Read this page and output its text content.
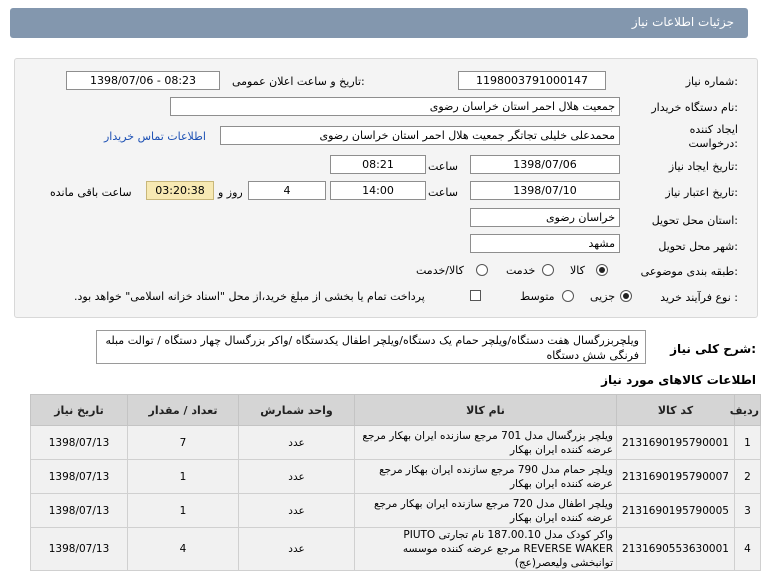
جزئیات اطلاعات نیاز
شماره نیاز:
1198003791000147
تاریخ و ساعت اعلان عمومی:
1398/07/06 - 08:23
نام دستگاه خریدار:
جمعیت هلال احمر استان خراسان رضوی
ایجاد کننده
درخواست:
محمدعلی خلیلی تجاتگر جمعیت هلال احمر استان خراسان رضوی
اطلاعات تماس خریدار
تاریخ ایجاد نیاز:
1398/07/06
ساعت
08:21
تاریخ اعتبار نیاز:
1398/07/10
ساعت
14:00
4
روز و
03:20:38
ساعت باقی مانده
استان محل تحویل:
خراسان رضوی
شهر محل تحویل:
مشهد
طبقه بندی موضوعی:
کالا
خدمت
کالا/خدمت
نوع فرآیند خرید :
جزیی
متوسط
پرداخت تمام یا بخشی از مبلغ خرید،از محل "اسناد خزانه اسلامی" خواهد بود.
شرح کلی نیاز:
ویلچربزرگسال هفت دستگاه/ویلچر حمام یک دستگاه/ویلچر اطفال یکدستگاه /واکر بزرگسال چهار دستگاه / توالت مبله فرنگی شش دستگاه
اطلاعات کالاهای مورد نیاز
ردیف	کد کالا	نام کالا	واحد شمارش	تعداد / مقدار	تاریخ نیاز
1	2131690195790001	ویلچر بزرگسال مدل 701 مرجع سازنده ایران بهکار مرجع عرضه کننده ایران بهکار	عدد	7	1398/07/13
2	2131690195790007	ویلچر حمام مدل 790 مرجع سازنده ایران بهکار مرجع عرضه کننده ایران بهکار	عدد	1	1398/07/13
3	2131690195790005	ویلچر اطفال مدل 720 مرجع سازنده ایران بهکار مرجع عرضه کننده ایران بهکار	عدد	1	1398/07/13
4	2131690553630001	واکر کودک مدل 187.00.10 نام تجارتی PIUTO REVERSE WAKER مرجع عرضه کننده موسسه توانبخشی ولیعصر(عج)	عدد	4	1398/07/13
